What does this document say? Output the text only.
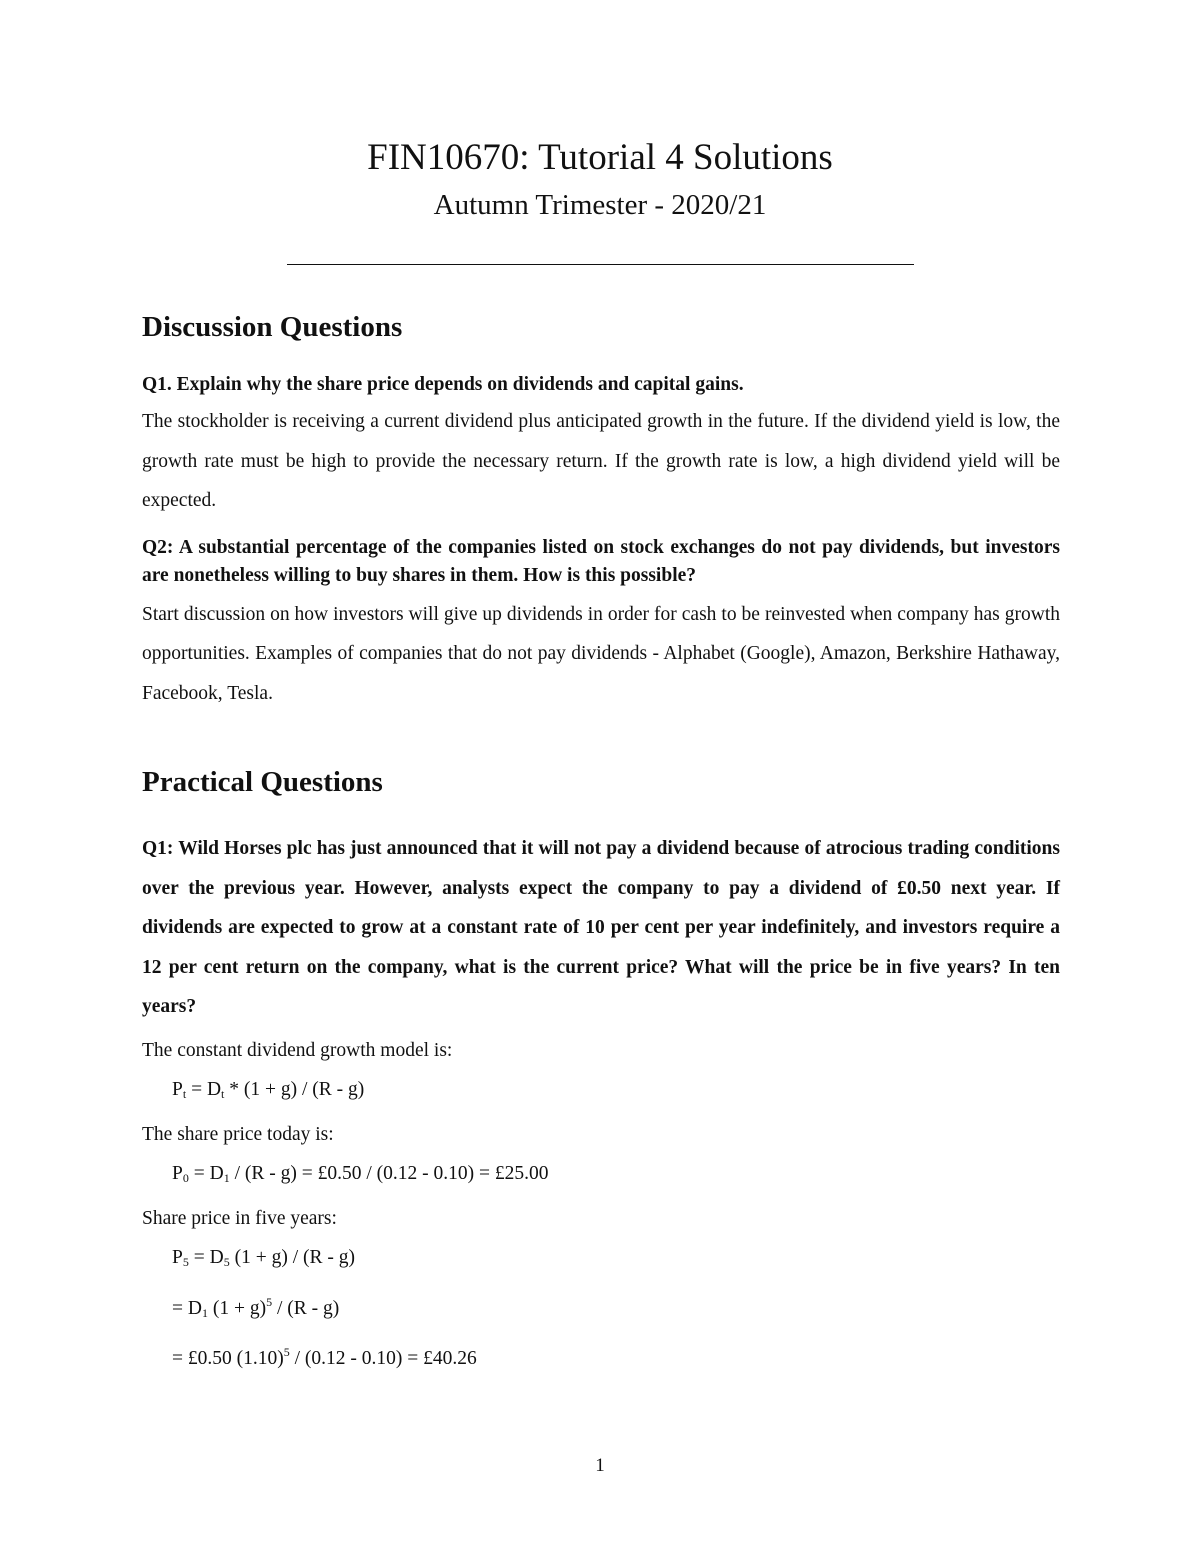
FIN10670: Tutorial 4 Solutions
Autumn Trimester - 2020/21
Discussion Questions

Q1. Explain why the share price depends on dividends and capital gains.

The stockholder is receiving a current dividend plus anticipated growth in the future. If the dividend yield is low, the growth rate must be high to provide the necessary return. If the growth rate is low, a high dividend yield will be expected.

Q2: A substantial percentage of the companies listed on stock exchanges do not pay dividends, but investors are nonetheless willing to buy shares in them. How is this possible?

Start discussion on how investors will give up dividends in order for cash to be reinvested when company has growth opportunities. Examples of companies that do not pay dividends - Alphabet (Google), Amazon, Berkshire Hathaway, Facebook, Tesla.

Practical Questions

Q1: Wild Horses plc has just announced that it will not pay a dividend because of atrocious trading conditions over the previous year. However, analysts expect the company to pay a dividend of £0.50 next year. If dividends are expected to grow at a constant rate of 10 per cent per year indefinitely, and investors require a 12 per cent return on the company, what is the current price? What will the price be in five years? In ten years?

The constant dividend growth model is:

$P_t = D_t * (1 + g) / (R - g)$

The share price today is:

$P_0 = D_1 / (R - g)$ = £0.50 / (0.12 - 0.10) = £25.00

Share price in five years:

$P_5 = D_5$ (1 + g) / (R - g)

= $D_1$ $(1 + g)^5 / (R - g)$

= £0.50 $(1.10)^5 / (0.12 - 0.10)$ = £40.26

1
